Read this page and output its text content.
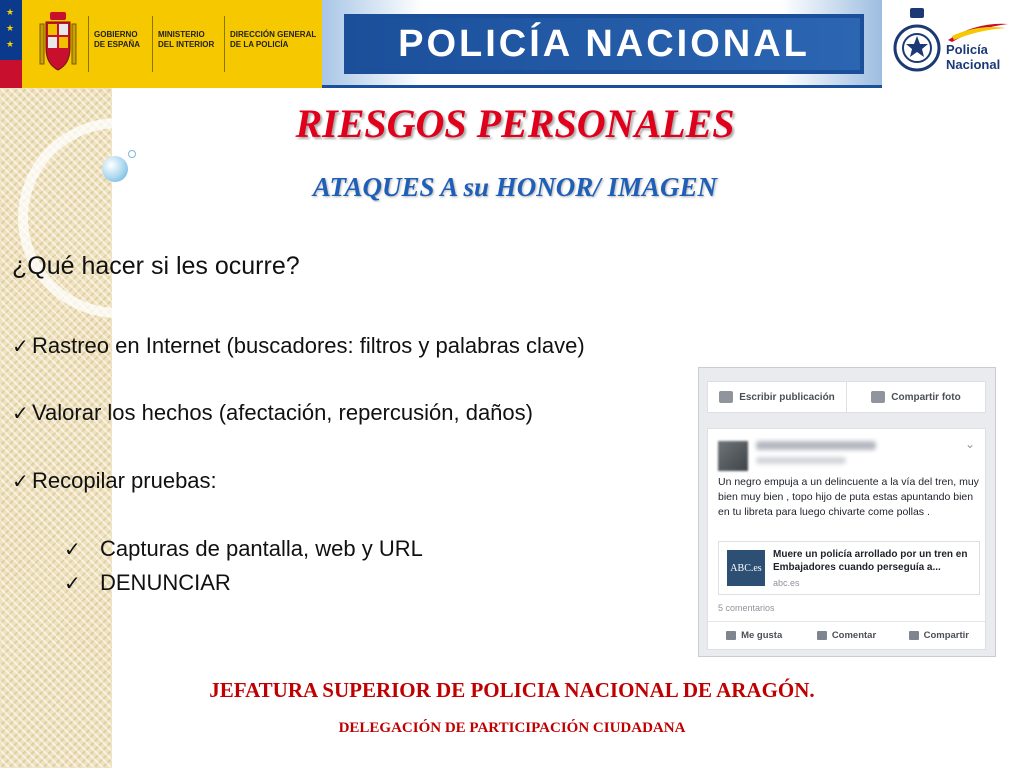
★
★
★
GOBIERNO
DE ESPAÑA
MINISTERIO
DEL INTERIOR
DIRECCIÓN GENERAL
DE LA POLICÍA	POLICÍA NACIONAL	Policía
Nacional
RIESGOS PERSONALES
ATAQUES A su HONOR/ IMAGEN
¿Qué hacer si les ocurre?
✓ Rastreo en Internet (buscadores: filtros y palabras clave)
✓ Valorar los hechos (afectación, repercusión, daños)
✓ Recopilar pruebas:
✓ Capturas de pantalla, web y URL
✓ DENUNCIAR
Escribir publicación	Compartir foto
⌄
Un negro empuja a un delincuente a la vía del tren, muy bien muy bien , topo hijo de puta estas apuntando bien en tu libreta para luego chivarte come pollas .
ABC.es
Muere un policía arrollado por un tren en Embajadores cuando perseguía a...
abc.es
5 comentarios
Me gusta	Comentar	Compartir
JEFATURA SUPERIOR DE POLICIA NACIONAL DE ARAGÓN.
DELEGACIÓN DE PARTICIPACIÓN CIUDADANA
